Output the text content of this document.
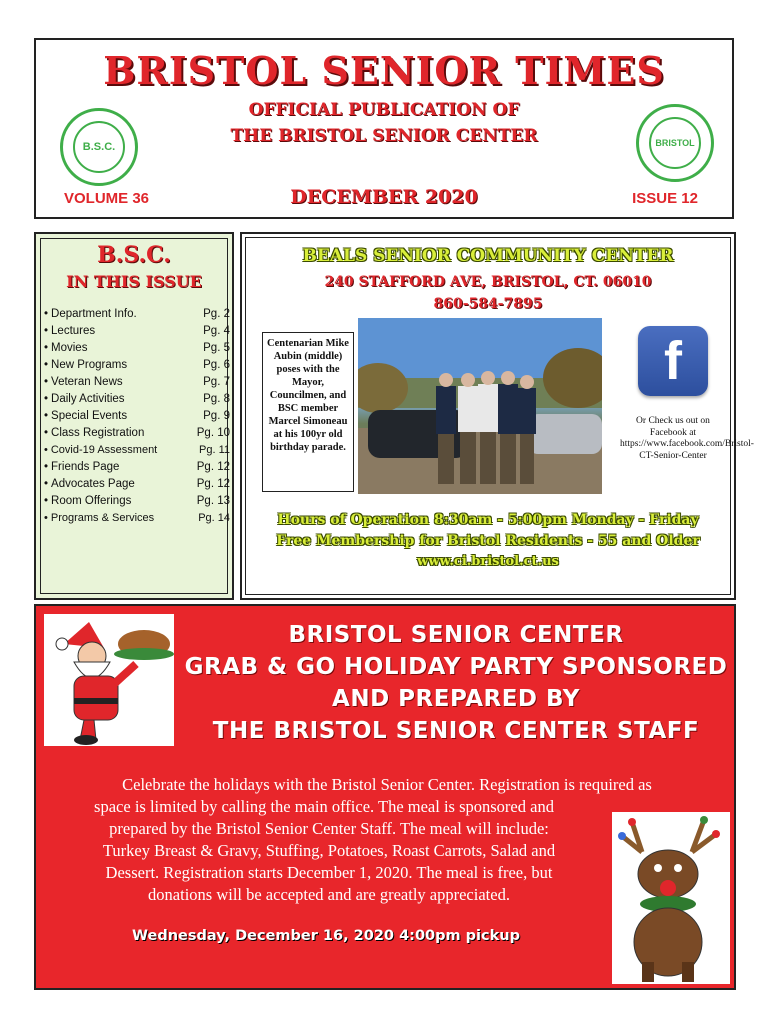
BRISTOL SENIOR TIMES
OFFICIAL PUBLICATION OF
THE BRISTOL SENIOR CENTER
B.S.C.	BRISTOL
VOLUME 36	DECEMBER 2020	ISSUE 12
B.S.C.
IN THIS ISSUE
• Department Info.	Pg. 2
• Lectures	Pg. 4
• Movies	Pg. 5
• New Programs	Pg. 6
• Veteran News	Pg. 7
• Daily Activities	Pg. 8
• Special Events	Pg. 9
• Class Registration	Pg. 10
• Covid-19 Assessment	Pg. 11
• Friends Page	Pg. 12
• Advocates Page	Pg. 12
• Room Offerings	Pg. 13
• Programs & Services	Pg. 14
BEALS SENIOR COMMUNITY CENTER
240 STAFFORD AVE, BRISTOL, CT. 06010
860-584-7895
Centenarian Mike Aubin (middle) poses with the Mayor, Councilmen, and BSC member Marcel Simoneau at his 100yr old birthday parade.
f
Or Check us out on Facebook at https://www.facebook.com/Bristol-CT-Senior-Center
Hours of Operation 8:30am - 5:00pm Monday - Friday
Free Membership for Bristol Residents - 55 and Older
www.ci.bristol.ct.us
BRISTOL SENIOR CENTER
GRAB & GO HOLIDAY PARTY SPONSORED
AND PREPARED BY
THE BRISTOL SENIOR CENTER STAFF

Celebrate the holidays with the Bristol Senior Center. Registration is required as

space is limited by calling the main office. The meal is sponsored and

prepared by the Bristol Senior Center Staff. The meal will include:

Turkey Breast & Gravy, Stuffing, Potatoes, Roast Carrots, Salad and

Dessert. Registration starts December 1, 2020. The meal is free, but

donations will be accepted and are greatly appreciated.

Wednesday, December 16, 2020 4:00pm pickup
